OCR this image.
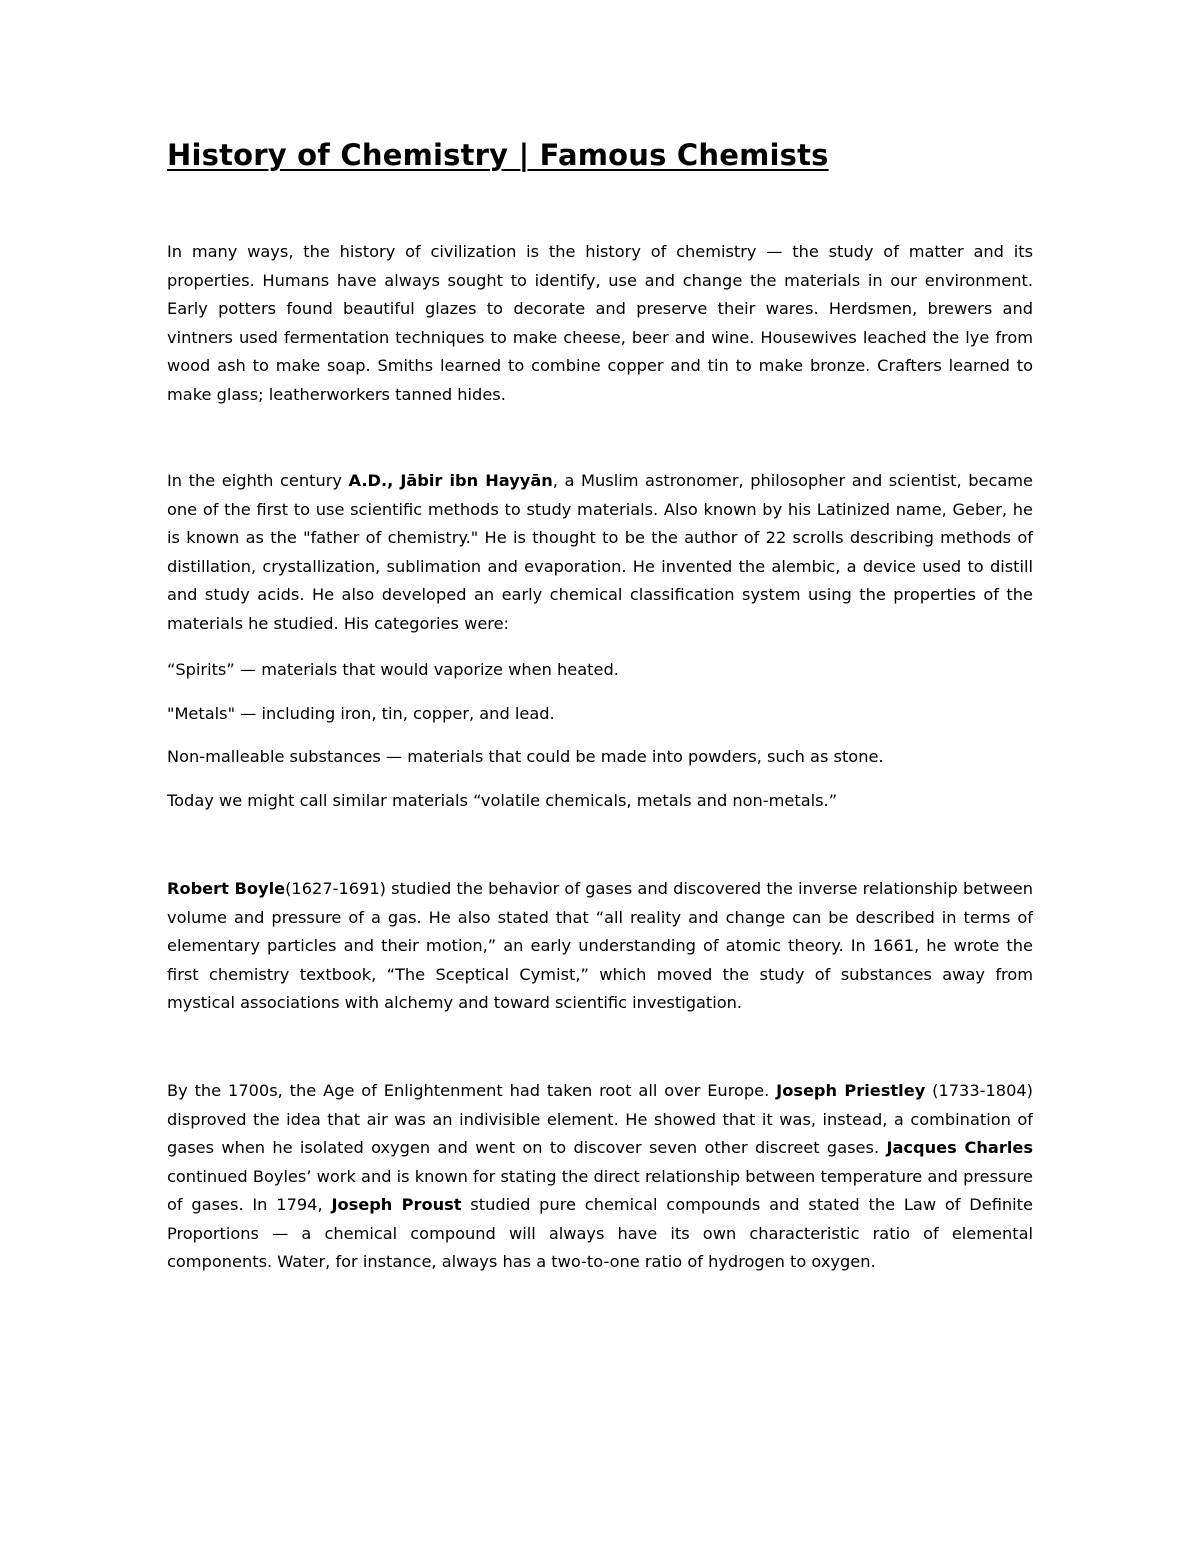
History of Chemistry | Famous Chemists

In many ways, the history of civilization is the history of chemistry — the study of matter and its properties. Humans have always sought to identify, use and change the materials in our environment. Early potters found beautiful glazes to decorate and preserve their wares. Herdsmen, brewers and vintners used fermentation techniques to make cheese, beer and wine. Housewives leached the lye from wood ash to make soap. Smiths learned to combine copper and tin to make bronze. Crafters learned to make glass; leatherworkers tanned hides.

In the eighth century A.D., Jābir ibn Hayyān, a Muslim astronomer, philosopher and scientist, became one of the first to use scientific methods to study materials. Also known by his Latinized name, Geber, he is known as the "father of chemistry." He is thought to be the author of 22 scrolls describing methods of distillation, crystallization, sublimation and evaporation. He invented the alembic, a device used to distill and study acids. He also developed an early chemical classification system using the properties of the materials he studied. His categories were:

“Spirits” — materials that would vaporize when heated.

"Metals" — including iron, tin, copper, and lead.

Non-malleable substances — materials that could be made into powders, such as stone.

Today we might call similar materials “volatile chemicals, metals and non-metals.”

Robert Boyle(1627-1691) studied the behavior of gases and discovered the inverse relationship between volume and pressure of a gas. He also stated that “all reality and change can be described in terms of elementary particles and their motion,” an early understanding of atomic theory. In 1661, he wrote the first chemistry textbook, “The Sceptical Cymist,” which moved the study of substances away from mystical associations with alchemy and toward scientific investigation.

By the 1700s, the Age of Enlightenment had taken root all over Europe. Joseph Priestley (1733-1804) disproved the idea that air was an indivisible element. He showed that it was, instead, a combination of gases when he isolated oxygen and went on to discover seven other discreet gases. Jacques Charles continued Boyles’ work and is known for stating the direct relationship between temperature and pressure of gases. In 1794, Joseph Proust studied pure chemical compounds and stated the Law of Definite Proportions — a chemical compound will always have its own characteristic ratio of elemental components. Water, for instance, always has a two-to-one ratio of hydrogen to oxygen.
